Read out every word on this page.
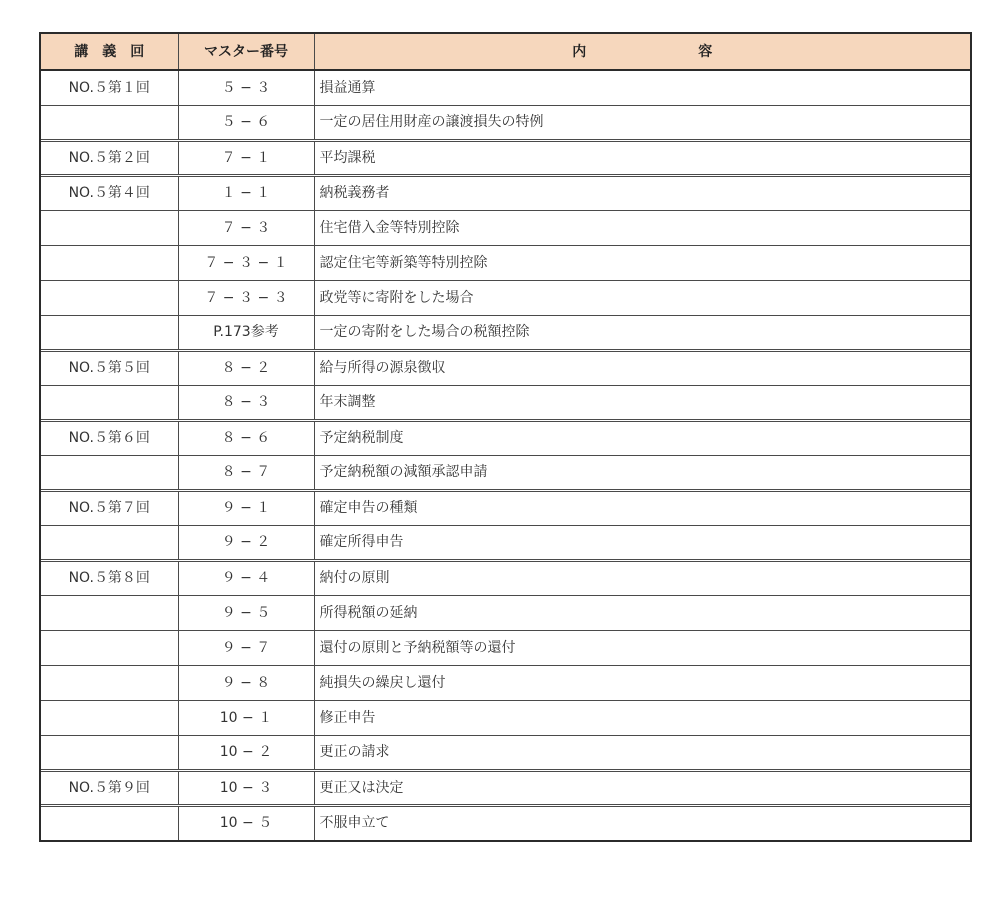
講　義　回	マスター番号	内 容
NO.５第１回	５ − ３	損益通算
	５ − ６	一定の居住用財産の譲渡損失の特例
NO.５第２回	７ − １	平均課税
NO.５第４回	１ − １	納税義務者
	７ − ３	住宅借入金等特別控除
	７ − ３ − １	認定住宅等新築等特別控除
	７ − ３ − ３	政党等に寄附をした場合
	P.173参考	一定の寄附をした場合の税額控除
NO.５第５回	８ − ２	給与所得の源泉徴収
	８ − ３	年末調整
NO.５第６回	８ − ６	予定納税制度
	８ − ７	予定納税額の減額承認申請
NO.５第７回	９ − １	確定申告の種類
	９ − ２	確定所得申告
NO.５第８回	９ − ４	納付の原則
	９ − ５	所得税額の延納
	９ − ７	還付の原則と予納税額等の還付
	９ − ８	純損失の繰戻し還付
	10 − １	修正申告
	10 − ２	更正の請求
NO.５第９回	10 − ３	更正又は決定
	10 − ５	不服申立て
